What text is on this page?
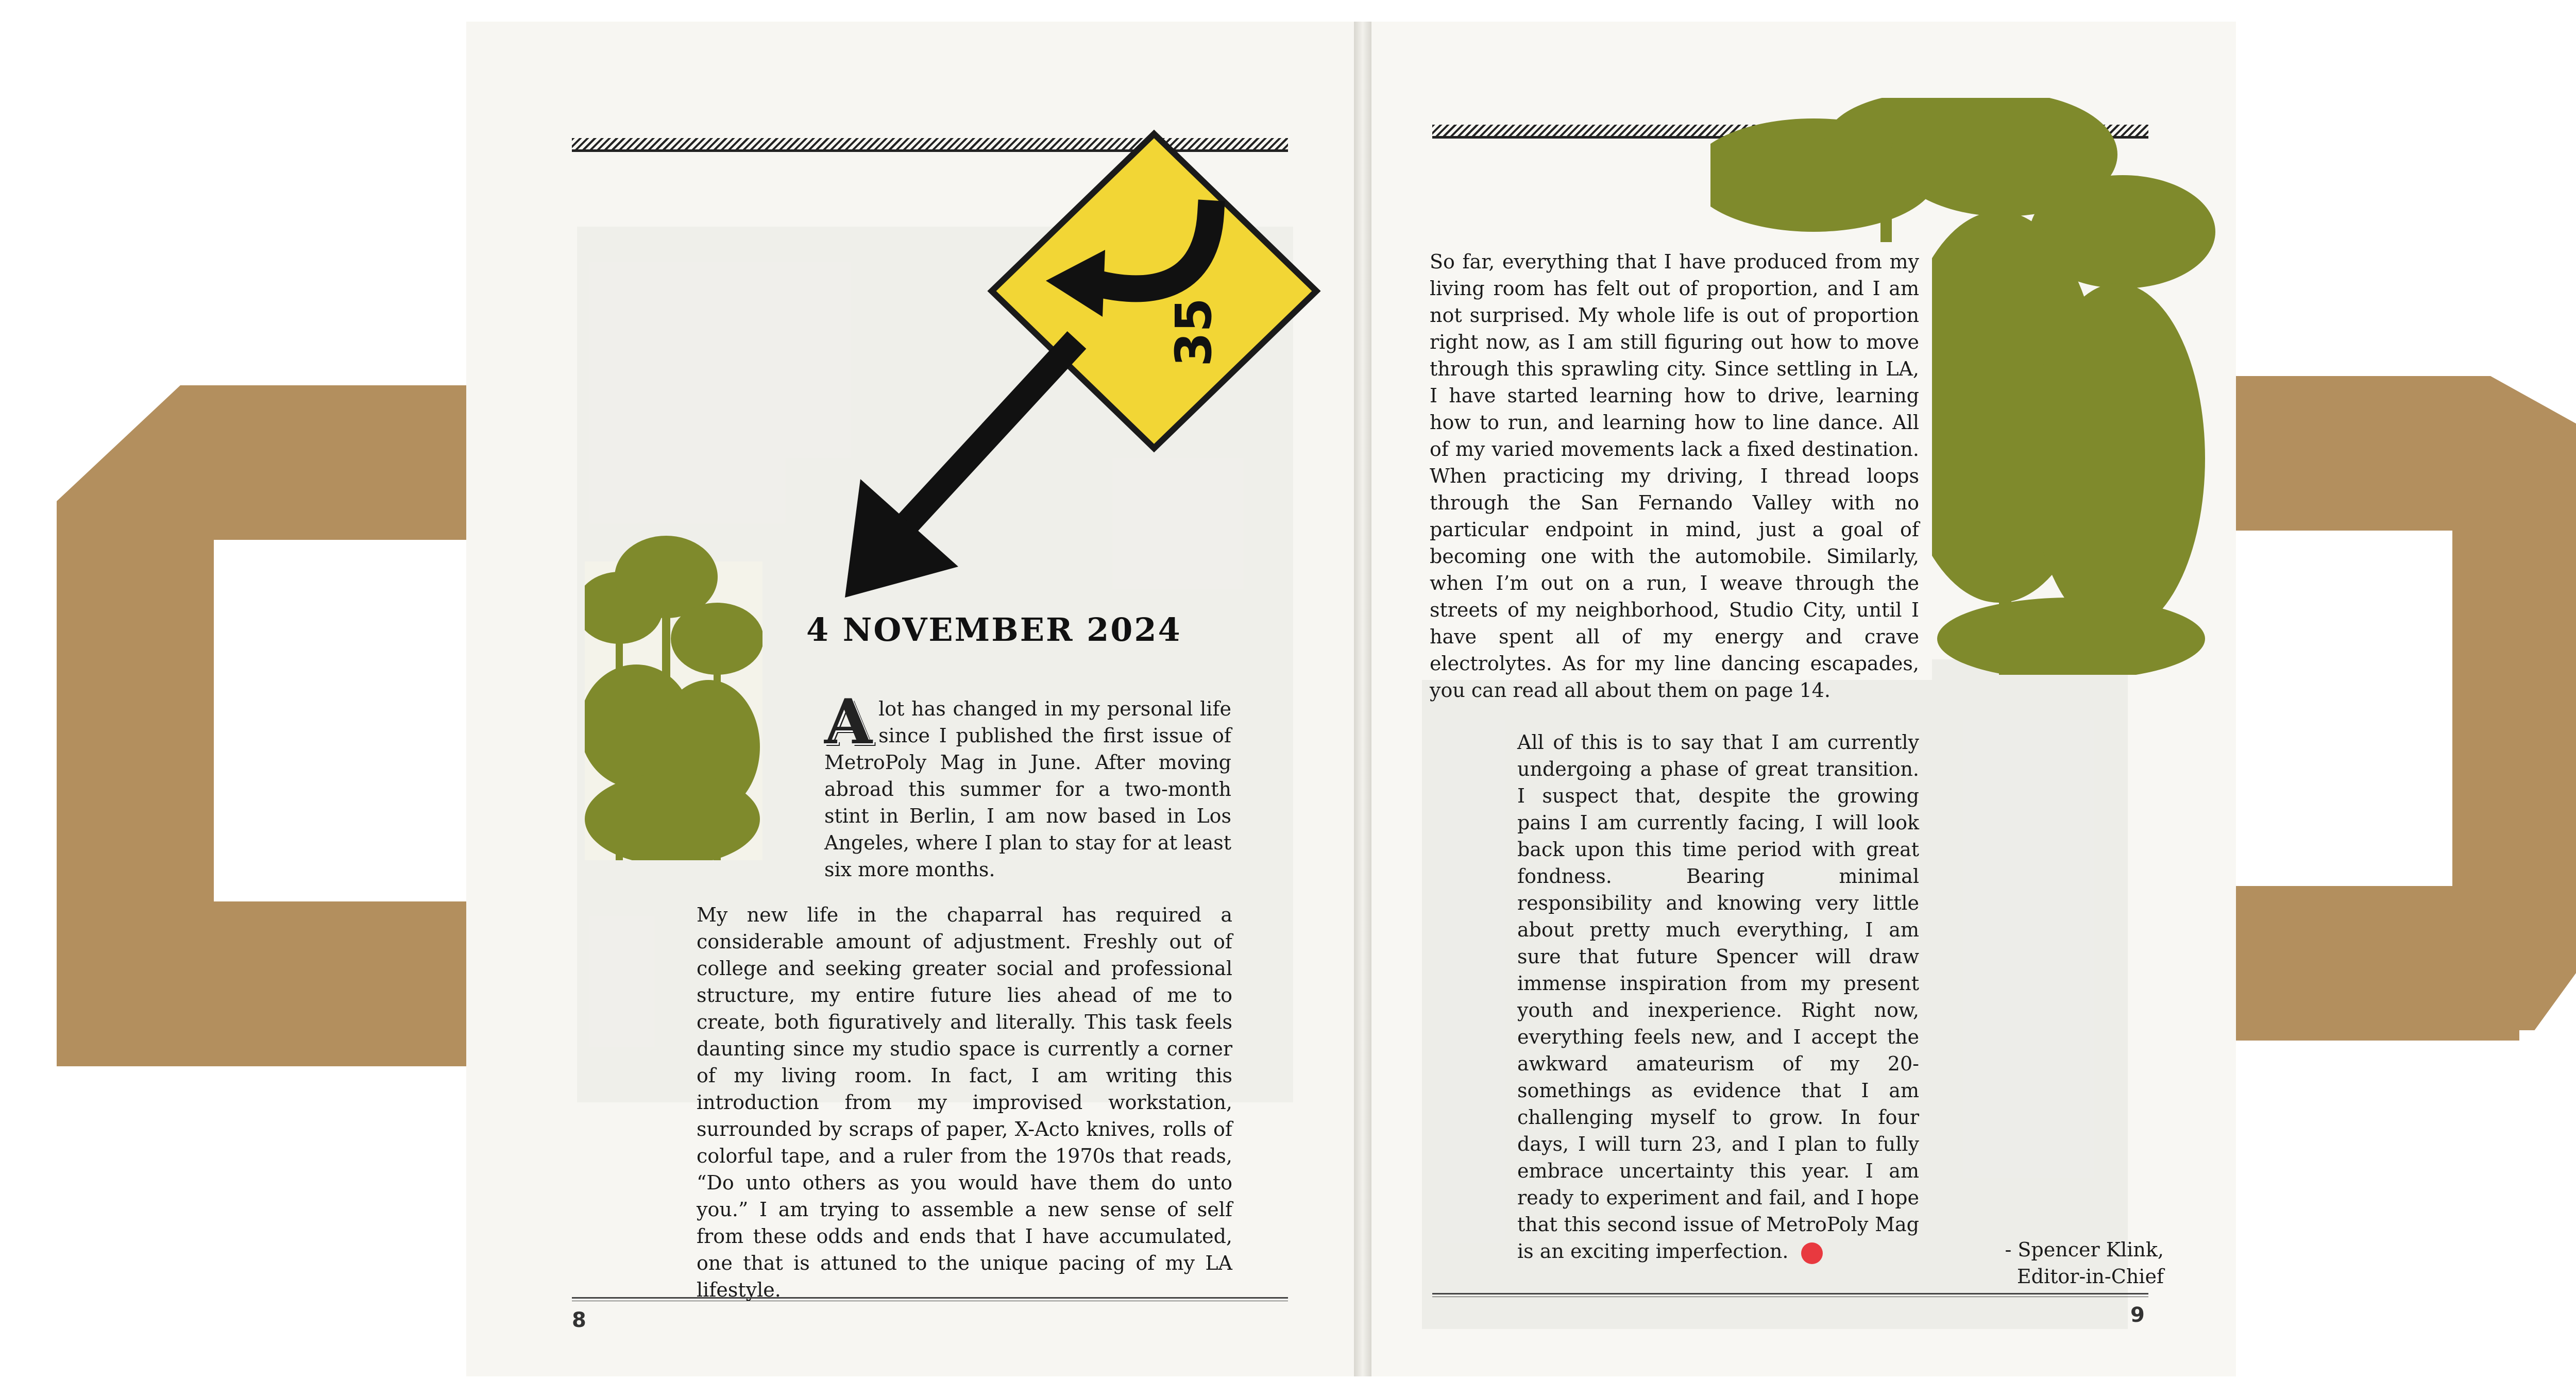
35
4 NOVEMBER 2024
A lot has changed in my personal life since I published the first issue of MetroPoly Mag in June. After moving abroad this summer for a two-month stint in Berlin, I am now based in Los Angeles, where I plan to stay for at least six more months.
My new life in the chaparral has required a considerable amount of adjustment. Freshly out of college and seeking greater social and professional structure, my entire future lies ahead of me to create, both figuratively and literally. This task feels daunting since my studio space is currently a corner of my living room. In fact, I am writing this introduction from my improvised workstation, surrounded by scraps of paper, X-Acto knives, rolls of colorful tape, and a ruler from the 1970s that reads, “Do unto others as you would have them do unto you.” I am trying to assemble a new sense of self from these odds and ends that I have accumulated, one that is attuned to the unique pacing of my LA lifestyle.
8
So far, everything that I have produced from my living room has felt out of proportion, and I am not surprised. My whole life is out of proportion right now, as I am still figuring out how to move through this sprawling city. Since settling in LA, I have started learning how to drive, learning how to run, and learning how to line dance. All of my varied movements lack a fixed destination. When practicing my driving, I thread loops through the San Fernando Valley with no particular endpoint in mind, just a goal of becoming one with the automobile. Similarly, when I’m out on a run, I weave through the streets of my neighborhood, Studio City, until I have spent all of my energy and crave electrolytes. As for my line dancing escapades, you can read all about them on page 14.
All of this is to say that I am currently undergoing a phase of great transition. I suspect that, despite the growing pains I am currently facing, I will look back upon this time period with great fondness. Bearing minimal responsibility and knowing very little about pretty much everything, I am sure that future Spencer will draw immense inspiration from my present youth and inexperience. Right now, everything feels new, and I accept the awkward amateurism of my 20-somethings as evidence that I am challenging myself to grow. In four days, I will turn 23, and I plan to fully embrace uncertainty this year. I am ready to experiment and fail, and I hope that this second issue of MetroPoly Mag is an exciting imperfection.	- Spencer Klink,
Editor-in-Chief
9
